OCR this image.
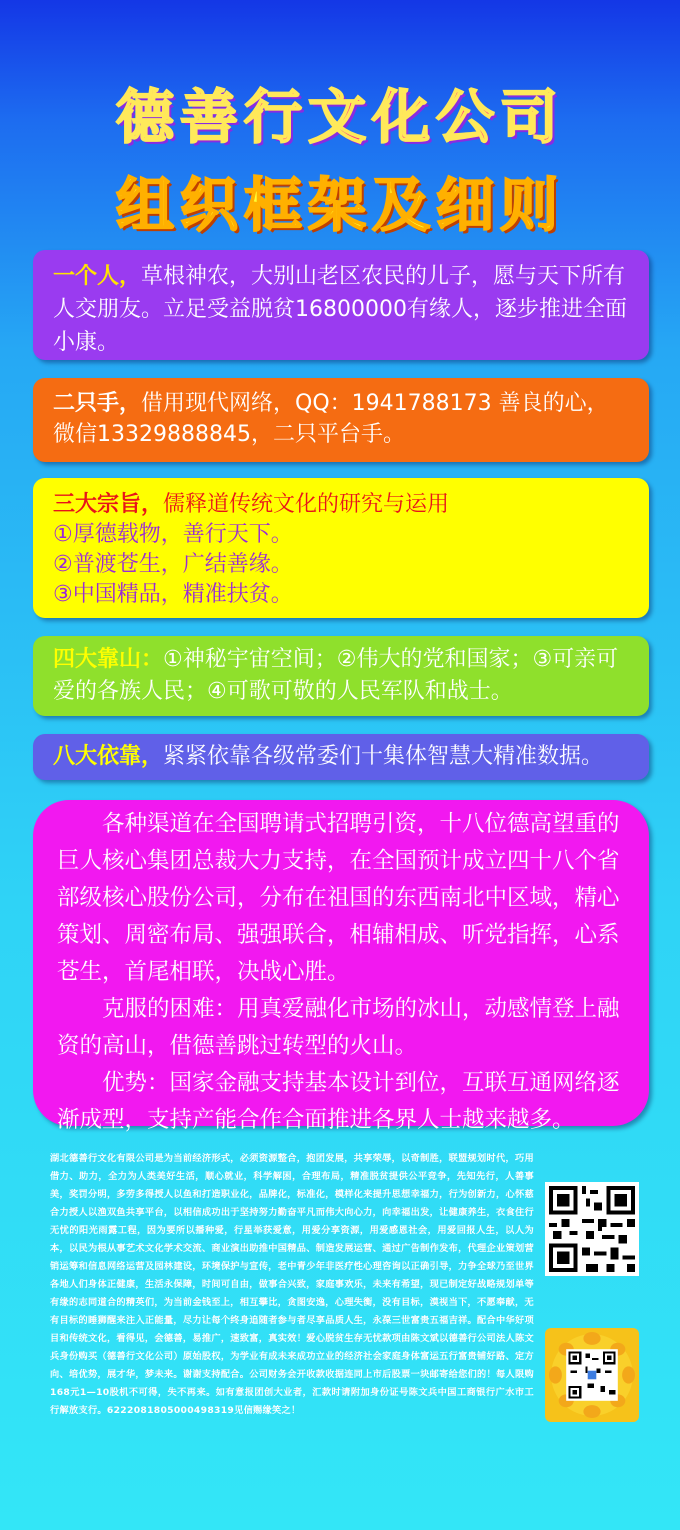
德善行文化公司
组织框架及细则
一个人，草根神农，大别山老区农民的儿子，愿与天下所有人交朋友。立足受益脱贫16800000有缘人，逐步推进全面小康。
二只手，借用现代网络，QQ：1941788173 善良的心，微信13329888845，二只平台手。
三大宗旨，儒释道传统文化的研究与运用
①厚德载物，善行天下。
②普渡苍生，广结善缘。
③中国精品，精准扶贫。
四大靠山：①神秘宇宙空间；②伟大的党和国家；③可亲可爱的各族人民；④可歌可敬的人民军队和战士。
八大依靠，紧紧依靠各级常委们十集体智慧大精准数据。

各种渠道在全国聘请式招聘引资，十八位德高望重的巨人核心集团总裁大力支持，在全国预计成立四十八个省部级核心股份公司，分布在祖国的东西南北中区域，精心策划、周密布局、强强联合，相辅相成、听党指挥，心系苍生，首尾相联，决战心胜。

克服的困难：用真爱融化市场的冰山，动感情登上融资的高山，借德善跳过转型的火山。

优势：国家金融支持基本设计到位，互联互通网络逐渐成型，支持产能合作合面推进各界人士越来越多。

湖北德善行文化有限公司是为当前经济形式，必须资源整合，抱团发展，共享荣辱，以奇制胜，联盟规划时代，巧用借力、助力，全力为人类美好生活，顺心就业，科学解困，合理布局，精准脱贫提供公平竞争，先知先行，人善事美，奖罚分明，多劳多得授人以鱼和打造职业化，品牌化，标准化，模样化来提升思想幸福力，行为创新力，心怀慈合力授人以渔双鱼共享平台，以相信成功出于坚持努力勤奋平凡而伟大向心力，向幸福出发，让健康养生，衣食住行无忧的阳光雨露工程，因为要所以播种爱，行星举获爱意，用爱分享资源，用爱感恩社会，用爱回报人生，以人为本，以民为根从事艺术文化学术交流、商业演出助推中国精品、制造发展运营、通过广告制作发布，代理企业策划营销运筹和信息网络运营及园林建设，环境保护与宣传，老中青少年非医疗性心理咨询以正确引导，力争全球乃至世界各地人们身体正健康，生活永保障，时间可自由，做事合兴致，家庭事欢乐，未来有希望，现已制定好战略规划单等有缘的志同道合的精英们，为当前金钱至上，相互攀比，贪图安逸，心理失衡，没有目标，漠视当下，不愿奉献，无有目标的睡狮醒来注入正能量，尽力让每个终身追随者参与者尽享品质人生，永葆三世富贵五福吉祥。配合中华好项目和传统文化，看得见，会德善，易推广，速致富，真实效！爱心脱贫生存无忧款项由陈文斌以德善行公司法人陈文兵身份购买（德善行文化公司）原始股权，为学业有成未来成功立业的经济社会家庭身体富运五行富贵铺好路、定方向、培优势，展才华，梦未来。谢谢支持配合。公司财务会开收款收据连同上市后股票一块邮寄给您们的！每人限购168元1—10股机不可得，失不再来。如有意报团创大业者，汇款时请附加身份证号陈文兵中国工商银行广水市工行解放支行。6222081805000498319见信赐缘笑之！
